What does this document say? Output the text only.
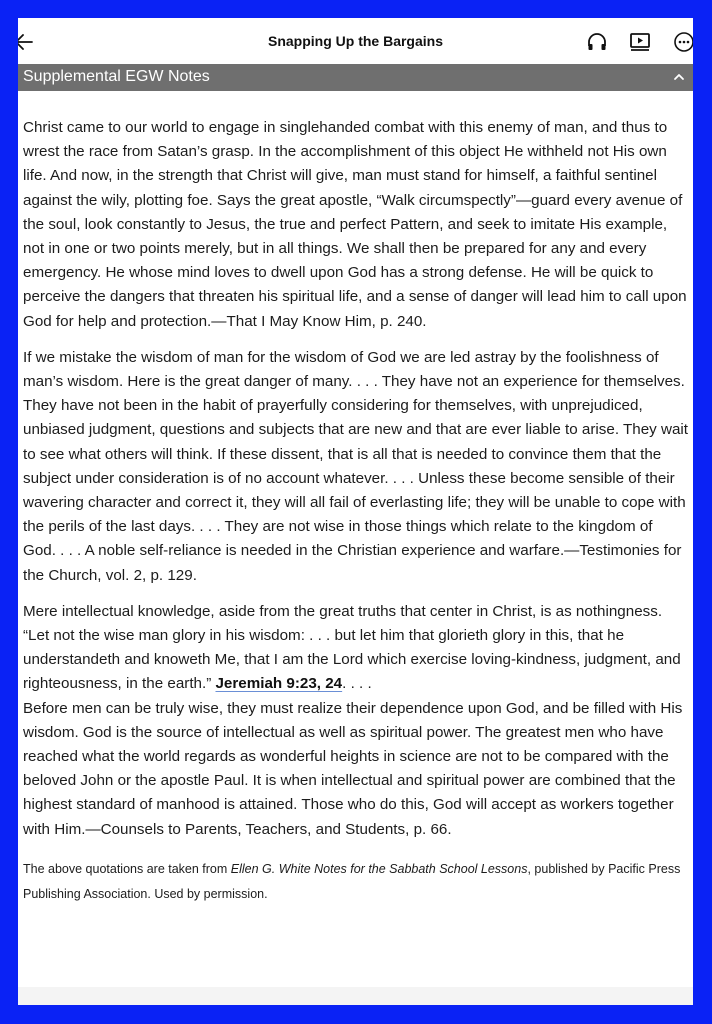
Snapping Up the Bargains
Supplemental EGW Notes

Christ came to our world to engage in singlehanded combat with this enemy of man, and thus to wrest the race from Satan’s grasp. In the accomplishment of this object He withheld not His own life. And now, in the strength that Christ will give, man must stand for himself, a faithful sentinel against the wily, plotting foe. Says the great apostle, “Walk circumspectly”—guard every avenue of the soul, look constantly to Jesus, the true and perfect Pattern, and seek to imitate His example, not in one or two points merely, but in all things. We shall then be prepared for any and every emergency. He whose mind loves to dwell upon God has a strong defense. He will be quick to perceive the dangers that threaten his spiritual life, and a sense of danger will lead him to call upon God for help and protection.—That I May Know Him, p. 240.

If we mistake the wisdom of man for the wisdom of God we are led astray by the foolishness of man’s wisdom. Here is the great danger of many. . . . They have not an experience for themselves. They have not been in the habit of prayerfully considering for themselves, with unprejudiced, unbiased judgment, questions and subjects that are new and that are ever liable to arise. They wait to see what others will think. If these dissent, that is all that is needed to convince them that the subject under consideration is of no account whatever. . . . Unless these become sensible of their wavering character and correct it, they will all fail of everlasting life; they will be unable to cope with the perils of the last days. . . . They are not wise in those things which relate to the kingdom of God. . . . A noble self-reliance is needed in the Christian experience and warfare.—Testimonies for the Church, vol. 2, p. 129.

Mere intellectual knowledge, aside from the great truths that center in Christ, is as nothingness. “Let not the wise man glory in his wisdom: . . . but let him that glorieth glory in this, that he understandeth and knoweth Me, that I am the Lord which exercise loving-kindness, judgment, and righteousness, in the earth.” Jeremiah 9:23, 24. . . .

Before men can be truly wise, they must realize their dependence upon God, and be filled with His wisdom. God is the source of intellectual as well as spiritual power. The greatest men who have reached what the world regards as wonderful heights in science are not to be compared with the beloved John or the apostle Paul. It is when intellectual and spiritual power are combined that the highest standard of manhood is attained. Those who do this, God will accept as workers together with Him.—Counsels to Parents, Teachers, and Students, p. 66.

The above quotations are taken from Ellen G. White Notes for the Sabbath School Lessons, published by Pacific Press Publishing Association. Used by permission.
